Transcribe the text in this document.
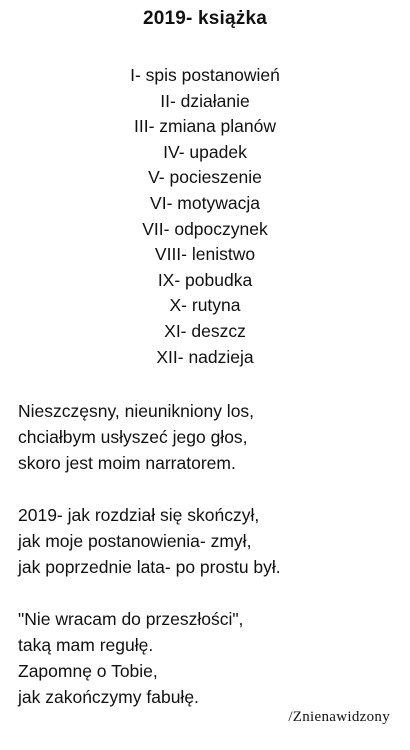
2019- książka
I- spis postanowień
II- działanie
III- zmiana planów
IV- upadek
V- pocieszenie
VI- motywacja
VII- odpoczynek
VIII- lenistwo
IX- pobudka
X- rutyna
XI- deszcz
XII- nadzieja

Nieszczęsny, nieunikniony los,
chciałbym usłyszeć jego głos,
skoro jest moim narratorem.

2019- jak rozdział się skończył,
jak moje postanowienia- zmył,
jak poprzednie lata- po prostu był.

"Nie wracam do przeszłości",
taką mam regułę.
Zapomnę o Tobie,
jak zakończymy fabułę.

/Znienawidzony
